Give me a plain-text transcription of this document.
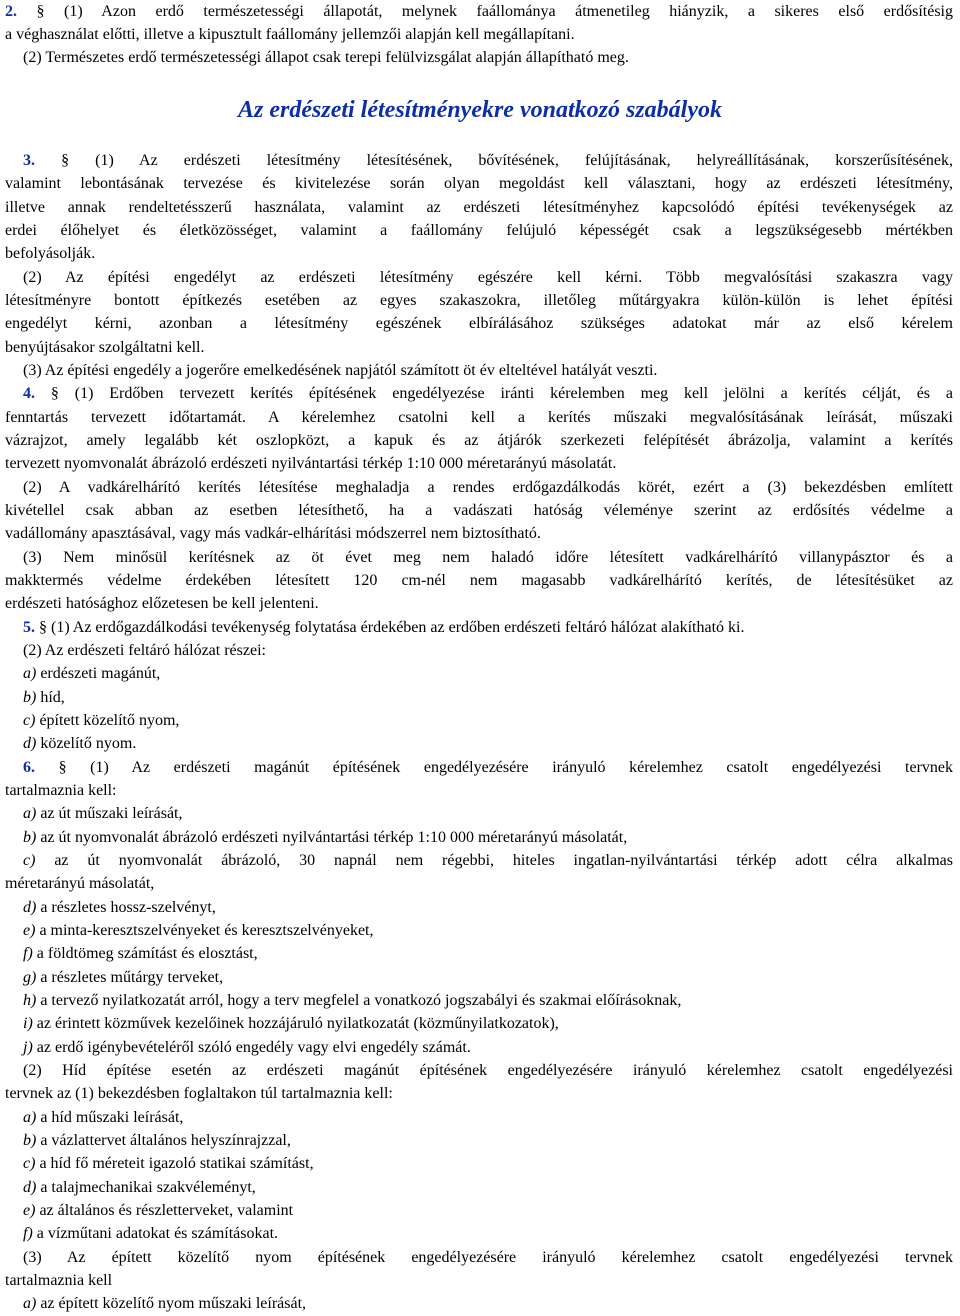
2. § (1) Azon erdő természetességi állapotát, melynek faállománya átmenetileg hiányzik, a sikeres első erdősítésig
a véghasználat előtti, illetve a kipusztult faállomány jellemzői alapján kell megállapítani.
(2) Természetes erdő természetességi állapot csak terepi felülvizsgálat alapján állapítható meg.
Az erdészeti létesítményekre vonatkozó szabályok
3. § (1) Az erdészeti létesítmény létesítésének, bővítésének, felújításának, helyreállításának, korszerűsítésének,
valamint lebontásának tervezése és kivitelezése során olyan megoldást kell választani, hogy az erdészeti létesítmény,
illetve annak rendeltetésszerű használata, valamint az erdészeti létesítményhez kapcsolódó építési tevékenységek az
erdei élőhelyet és életközösséget, valamint a faállomány felújuló képességét csak a legszükségesebb mértékben
befolyásolják.
(2) Az építési engedélyt az erdészeti létesítmény egészére kell kérni. Több megvalósítási szakaszra vagy
létesítményre bontott építkezés esetében az egyes szakaszokra, illetőleg műtárgyakra külön-külön is lehet építési
engedélyt kérni, azonban a létesítmény egészének elbírálásához szükséges adatokat már az első kérelem
benyújtásakor szolgáltatni kell.
(3) Az építési engedély a jogerőre emelkedésének napjától számított öt év elteltével hatályát veszti.
4. § (1) Erdőben tervezett kerítés építésének engedélyezése iránti kérelemben meg kell jelölni a kerítés célját, és a
fenntartás tervezett időtartamát. A kérelemhez csatolni kell a kerítés műszaki megvalósításának leírását, műszaki
vázrajzot, amely legalább két oszlopközt, a kapuk és az átjárók szerkezeti felépítését ábrázolja, valamint a kerítés
tervezett nyomvonalát ábrázoló erdészeti nyilvántartási térkép 1:10 000 méretarányú másolatát.
(2) A vadkárelhárító kerítés létesítése meghaladja a rendes erdőgazdálkodás körét, ezért a (3) bekezdésben említett
kivétellel csak abban az esetben létesíthető, ha a vadászati hatóság véleménye szerint az erdősítés védelme a
vadállomány apasztásával, vagy más vadkár-elhárítási módszerrel nem biztosítható.
(3) Nem minősül kerítésnek az öt évet meg nem haladó időre létesített vadkárelhárító villanypásztor és a
makktermés védelme érdekében létesített 120 cm-nél nem magasabb vadkárelhárító kerítés, de létesítésüket az
erdészeti hatósághoz előzetesen be kell jelenteni.
5. § (1) Az erdőgazdálkodási tevékenység folytatása érdekében az erdőben erdészeti feltáró hálózat alakítható ki.
(2) Az erdészeti feltáró hálózat részei:
a) erdészeti magánút,
b) híd,
c) épített közelítő nyom,
d) közelítő nyom.
6. § (1) Az erdészeti magánút építésének engedélyezésére irányuló kérelemhez csatolt engedélyezési tervnek
tartalmaznia kell:
a) az út műszaki leírását,
b) az út nyomvonalát ábrázoló erdészeti nyilvántartási térkép 1:10 000 méretarányú másolatát,
c) az út nyomvonalát ábrázoló, 30 napnál nem régebbi, hiteles ingatlan-nyilvántartási térkép adott célra alkalmas
méretarányú másolatát,
d) a részletes hossz-szelvényt,
e) a minta-keresztszelvényeket és keresztszelvényeket,
f) a földtömeg számítást és elosztást,
g) a részletes műtárgy terveket,
h) a tervező nyilatkozatát arról, hogy a terv megfelel a vonatkozó jogszabályi és szakmai előírásoknak,
i) az érintett közművek kezelőinek hozzájáruló nyilatkozatát (közműnyilatkozatok),
j) az erdő igénybevételéről szóló engedély vagy elvi engedély számát.
(2) Híd építése esetén az erdészeti magánút építésének engedélyezésére irányuló kérelemhez csatolt engedélyezési
tervnek az (1) bekezdésben foglaltakon túl tartalmaznia kell:
a) a híd műszaki leírását,
b) a vázlattervet általános helyszínrajzzal,
c) a híd fő méreteit igazoló statikai számítást,
d) a talajmechanikai szakvéleményt,
e) az általános és részletterveket, valamint
f) a vízműtani adatokat és számításokat.
(3) Az épített közelítő nyom építésének engedélyezésére irányuló kérelemhez csatolt engedélyezési tervnek
tartalmaznia kell
a) az épített közelítő nyom műszaki leírását,
